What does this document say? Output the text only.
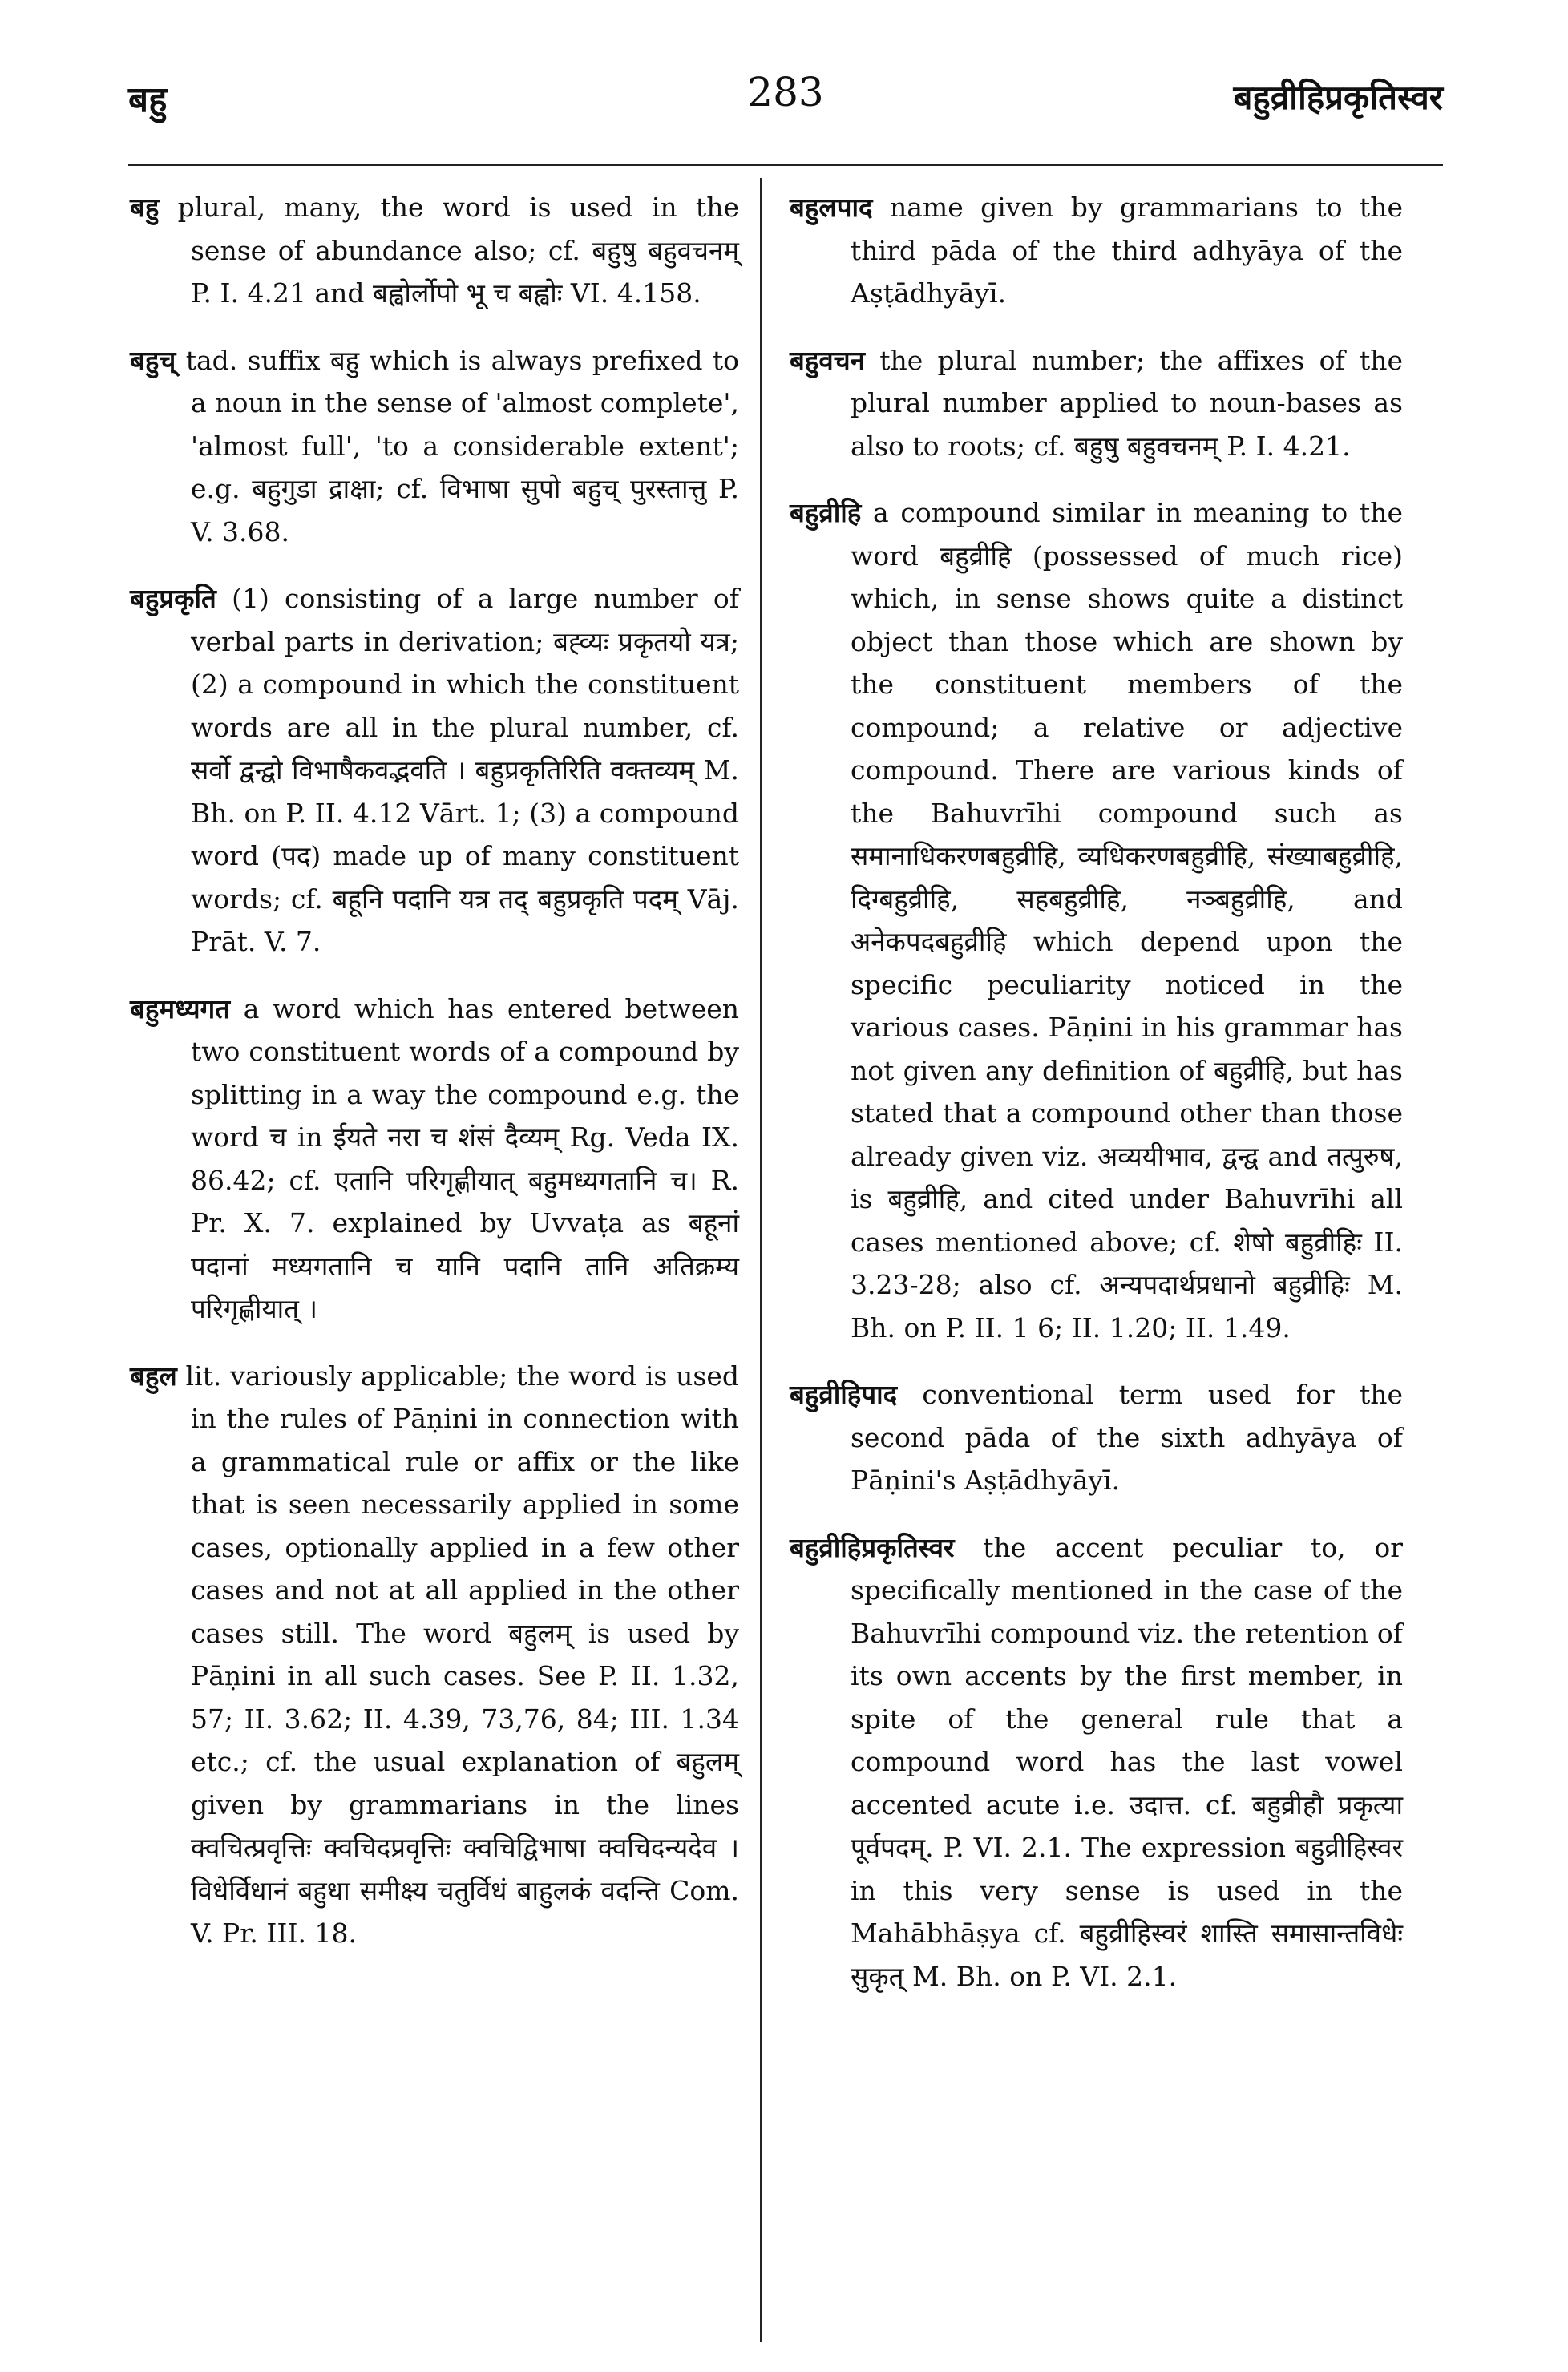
बहु	283	बहुव्रीहिप्रकृतिस्वर

बहु plural, many, the word is used in the sense of abundance also; cf. बहुषु बहुवचनम् P. I. 4.21 and बह्वोर्लोपो भू च बह्वोः VI. 4.158.

बहुच् tad. suffix बहु which is always prefixed to a noun in the sense of 'almost complete', 'almost full', 'to a considerable extent'; e.g. बहुगुडा द्राक्षा; cf. विभाषा सुपो बहुच् पुरस्तात्तु P. V. 3.68.

बहुप्रकृति (1) consisting of a large number of verbal parts in derivation; बह्व्यः प्रकृतयो यत्र; (2) a compound in which the constituent words are all in the plural number, cf. सर्वो द्वन्द्वो विभाषैकवद्भवति । बहुप्रकृतिरिति वक्तव्यम् M. Bh. on P. II. 4.12 Vārt. 1; (3) a compound word (पद) made up of many constituent words; cf. बहूनि पदानि यत्र तद् बहुप्रकृति पदम् Vāj. Prāt. V. 7.

बहुमध्यगत a word which has entered between two constituent words of a compound by splitting in a way the compound e.g. the word च in ईयते नरा च शंसं दैव्यम् Rg. Veda IX. 86.42; cf. एतानि परिगृह्णीयात् बहुमध्यगतानि च। R. Pr. X. 7. explained by Uvvaṭa as बहूनां पदानां मध्यगतानि च यानि पदानि तानि अतिक्रम्य परिगृह्णीयात् ।

बहुल lit. variously applicable; the word is used in the rules of Pāṇini in connection with a grammatical rule or affix or the like that is seen necessarily applied in some cases, optionally applied in a few other cases and not at all applied in the other cases still. The word बहुलम् is used by Pāṇini in all such cases. See P. II. 1.32, 57; II. 3.62; II. 4.39, 73,76, 84; III. 1.34 etc.; cf. the usual explanation of बहुलम् given by grammarians in the lines क्वचित्प्रवृत्तिः क्वचिदप्रवृत्तिः क्वचिद्विभाषा क्वचिदन्यदेव । विधेर्विधानं बहुधा समीक्ष्य चतुर्विधं बाहुलकं वदन्ति Com. V. Pr. III. 18.

बहुलपाद name given by grammarians to the third pāda of the third adhyāya of the Aṣṭādhyāyī.

बहुवचन the plural number; the affixes of the plural number applied to noun-bases as also to roots; cf. बहुषु बहुवचनम् P. I. 4.21.

बहुव्रीहि a compound similar in meaning to the word बहुव्रीहि (possessed of much rice) which, in sense shows quite a distinct object than those which are shown by the constituent members of the compound; a relative or adjective compound. There are various kinds of the Bahuvrīhi compound such as समानाधिकरणबहुव्रीहि, व्यधिकरणबहुव्रीहि, संख्याबहुव्रीहि, दिग्बहुव्रीहि, सहबहुव्रीहि, नञ्बहुव्रीहि, and अनेकपदबहुव्रीहि which depend upon the specific peculiarity noticed in the various cases. Pāṇini in his grammar has not given any definition of बहुव्रीहि, but has stated that a compound other than those already given viz. अव्ययीभाव, द्वन्द्व and तत्पुरुष, is बहुव्रीहि, and cited under Bahuvrīhi all cases mentioned above; cf. शेषो बहुव्रीहिः II. 3.23-28; also cf. अन्यपदार्थप्रधानो बहुव्रीहिः M. Bh. on P. II. 1 6; II. 1.20; II. 1.49.

बहुव्रीहिपाद conventional term used for the second pāda of the sixth adhyāya of Pāṇini's Aṣṭādhyāyī.

बहुव्रीहिप्रकृतिस्वर the accent peculiar to, or specifically mentioned in the case of the Bahuvrīhi compound viz. the retention of its own accents by the first member, in spite of the general rule that a compound word has the last vowel accented acute i.e. उदात्त. cf. बहुव्रीहौ प्रकृत्या पूर्वपदम्. P. VI. 2.1. The expression बहुव्रीहिस्वर in this very sense is used in the Mahābhāṣya cf. बहुव्रीहिस्वरं शास्ति समासान्तविधेः सुकृत् M. Bh. on P. VI. 2.1.
